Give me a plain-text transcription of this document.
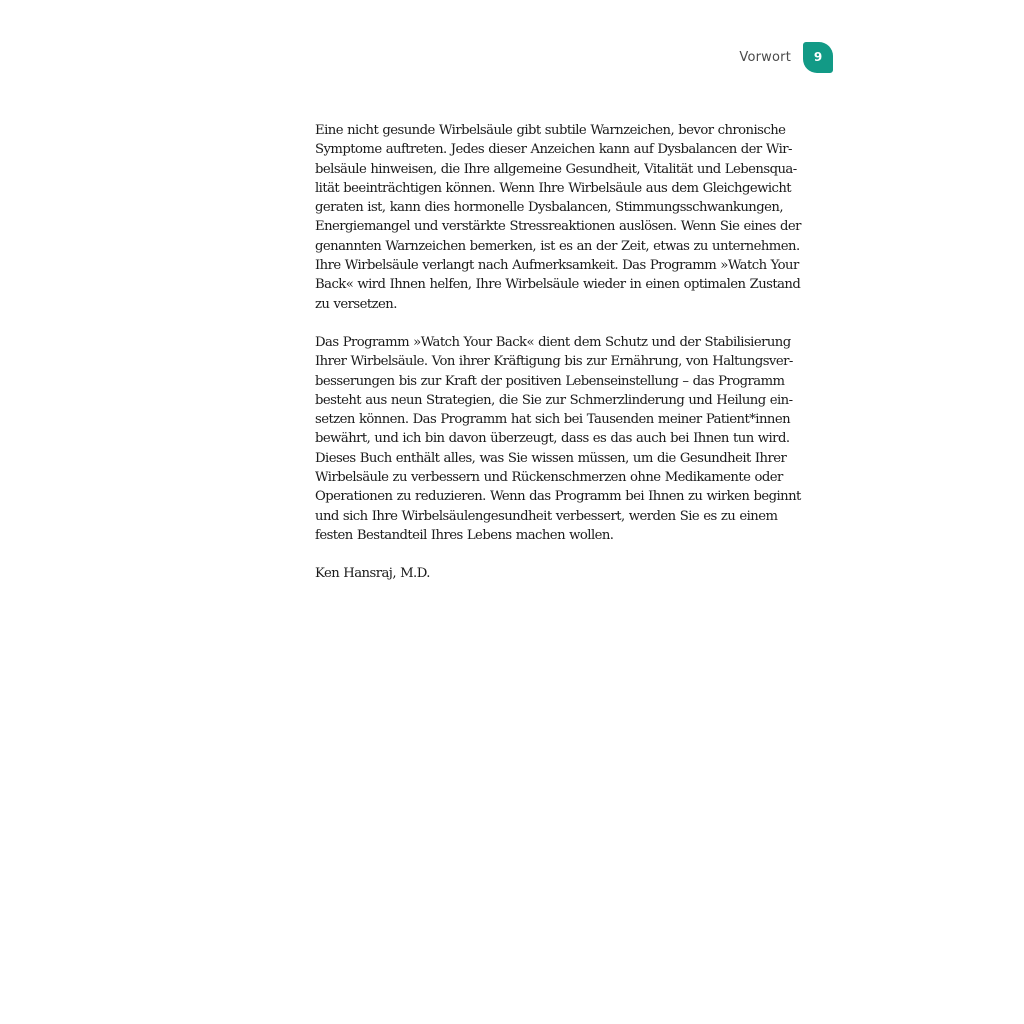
Vorwort	9

Eine nicht gesunde Wirbelsäule gibt subtile Warnzeichen, bevor chronische
Symptome auftreten. Jedes dieser Anzeichen kann auf Dysbalancen der Wir-
belsäule hinweisen, die Ihre allgemeine Gesundheit, Vitalität und Lebensqua-
lität beeinträchtigen können. Wenn Ihre Wirbelsäule aus dem Gleichgewicht
geraten ist, kann dies hormonelle Dysbalancen, Stimmungsschwankungen,
Energiemangel und verstärkte Stressreaktionen auslösen. Wenn Sie eines der
genannten Warnzeichen bemerken, ist es an der Zeit, etwas zu unternehmen.
Ihre Wirbelsäule verlangt nach Aufmerksamkeit. Das Programm »Watch Your
Back« wird Ihnen helfen, Ihre Wirbelsäule wieder in einen optimalen Zustand
zu versetzen.

Das Programm »Watch Your Back« dient dem Schutz und der Stabilisierung
Ihrer Wirbelsäule. Von ihrer Kräftigung bis zur Ernährung, von Haltungsver-
besserungen bis zur Kraft der positiven Lebenseinstellung – das Programm
besteht aus neun Strategien, die Sie zur Schmerzlinderung und Heilung ein-
setzen können. Das Programm hat sich bei Tausenden meiner Patient*innen
bewährt, und ich bin davon überzeugt, dass es das auch bei Ihnen tun wird.
Dieses Buch enthält alles, was Sie wissen müssen, um die Gesundheit Ihrer
Wirbelsäule zu verbessern und Rückenschmerzen ohne Medikamente oder
Operationen zu reduzieren. Wenn das Programm bei Ihnen zu wirken beginnt
und sich Ihre Wirbelsäulengesundheit verbessert, werden Sie es zu einem
festen Bestandteil Ihres Lebens machen wollen.

Ken Hansraj, M.D.
